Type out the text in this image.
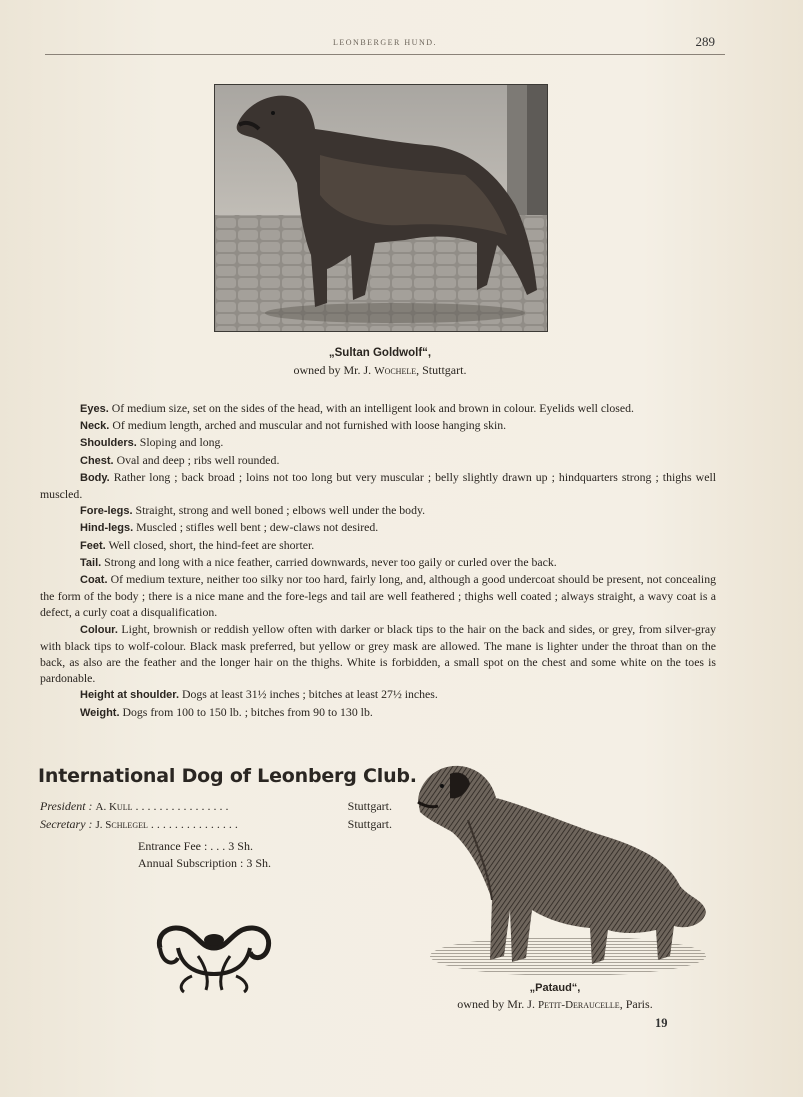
LEONBERGER HUND.	289
„Sultan Goldwolf“,
owned by Mr. J. Wochele, Stuttgart.

Eyes. Of medium size, set on the sides of the head, with an intelligent look and brown in colour. Eyelids well closed.

Neck. Of medium length, arched and muscular and not furnished with loose hanging skin.

Shoulders. Sloping and long.

Chest. Oval and deep ; ribs well rounded.

Body. Rather long ; back broad ; loins not too long but very muscular ; belly slightly drawn up ; hindquarters strong ; thighs well muscled.

Fore-legs. Straight, strong and well boned ; elbows well under the body.

Hind-legs. Muscled ; stifles well bent ; dew-claws not desired.

Feet. Well closed, short, the hind-feet are shorter.

Tail. Strong and long with a nice feather, carried downwards, never too gaily or curled over the back.

Coat. Of medium texture, neither too silky nor too hard, fairly long, and, although a good undercoat should be present, not concealing the form of the body ; there is a nice mane and the fore-legs and tail are well feathered ; thighs well coated ; always straight, a wavy coat is a defect, a curly coat a disqualification.

Colour. Light, brownish or reddish yellow often with darker or black tips to the hair on the back and sides, or grey, from silver-gray with black tips to wolf-colour. Black mask preferred, but yellow or grey mask are allowed. The mane is lighter under the throat than on the back, as also are the feather and the longer hair on the thighs. White is forbidden, a small spot on the chest and some white on the toes is pardonable.

Height at shoulder. Dogs at least 31½ inches ; bitches at least 27½ inches.

Weight. Dogs from 100 to 150 lb. ; bitches from 90 to 130 lb.

International Dog of Leonberg Club.
President : A. Kull . . . . . . . . . . . . . . . .	Stuttgart.
Secretary : J. Schlegel . . . . . . . . . . . . . . .	Stuttgart.
Entrance Fee : . . . 3 Sh.
Annual Subscription : 3 Sh.
„Pataud“,
owned by Mr. J. Petit-Deraucelle, Paris.
19
